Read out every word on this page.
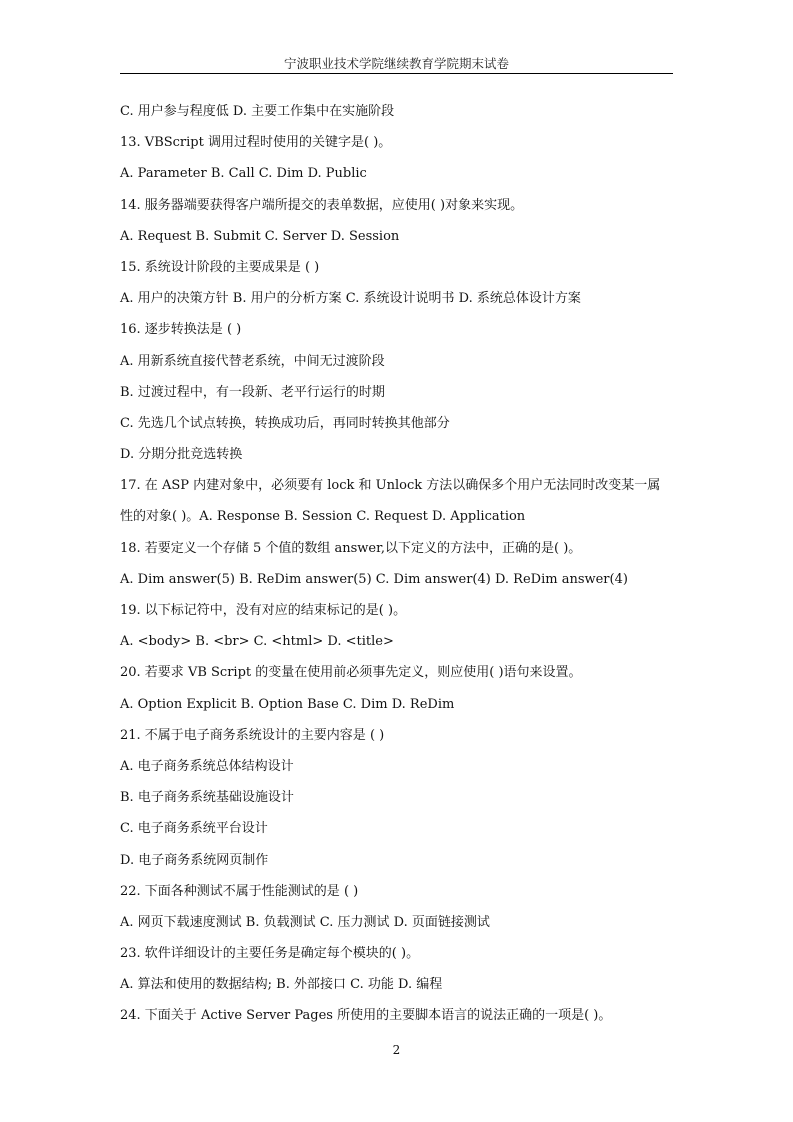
宁波职业技术学院继续教育学院期末试卷
C. 用户参与程度低 D. 主要工作集中在实施阶段
13. VBScript 调用过程时使用的关键字是( )。
A. Parameter B. Call C. Dim D. Public
14. 服务器端要获得客户端所提交的表单数据，应使用( )对象来实现。
A. Request B. Submit C. Server D. Session
15. 系统设计阶段的主要成果是 ( )
A. 用户的决策方针 B. 用户的分析方案 C. 系统设计说明书 D. 系统总体设计方案
16. 逐步转换法是 ( )
A. 用新系统直接代替老系统，中间无过渡阶段
B. 过渡过程中，有一段新、老平行运行的时期
C. 先选几个试点转换，转换成功后，再同时转换其他部分
D. 分期分批竞选转换
17. 在 ASP 内建对象中，必须要有 lock 和 Unlock 方法以确保多个用户无法同时改变某一属
性的对象( )。A. Response B. Session C. Request D. Application
18. 若要定义一个存储 5 个值的数组 answer,以下定义的方法中，正确的是( )。
A. Dim answer(5) B. ReDim answer(5) C. Dim answer(4) D. ReDim answer(4)
19. 以下标记符中，没有对应的结束标记的是( )。
A. <body> B. <br> C. <html> D. <title>
20. 若要求 VB Script 的变量在使用前必须事先定义，则应使用( )语句来设置。
A. Option Explicit B. Option Base C. Dim D. ReDim
21. 不属于电子商务系统设计的主要内容是 ( )
A. 电子商务系统总体结构设计
B. 电子商务系统基础设施设计
C. 电子商务系统平台设计
D. 电子商务系统网页制作
22. 下面各种测试不属于性能测试的是 ( )
A. 网页下载速度测试 B. 负载测试 C. 压力测试 D. 页面链接测试
23. 软件详细设计的主要任务是确定每个模块的( )。
A. 算法和使用的数据结构; B. 外部接口 C. 功能 D. 编程
24. 下面关于 Active Server Pages 所使用的主要脚本语言的说法正确的一项是( )。
2
